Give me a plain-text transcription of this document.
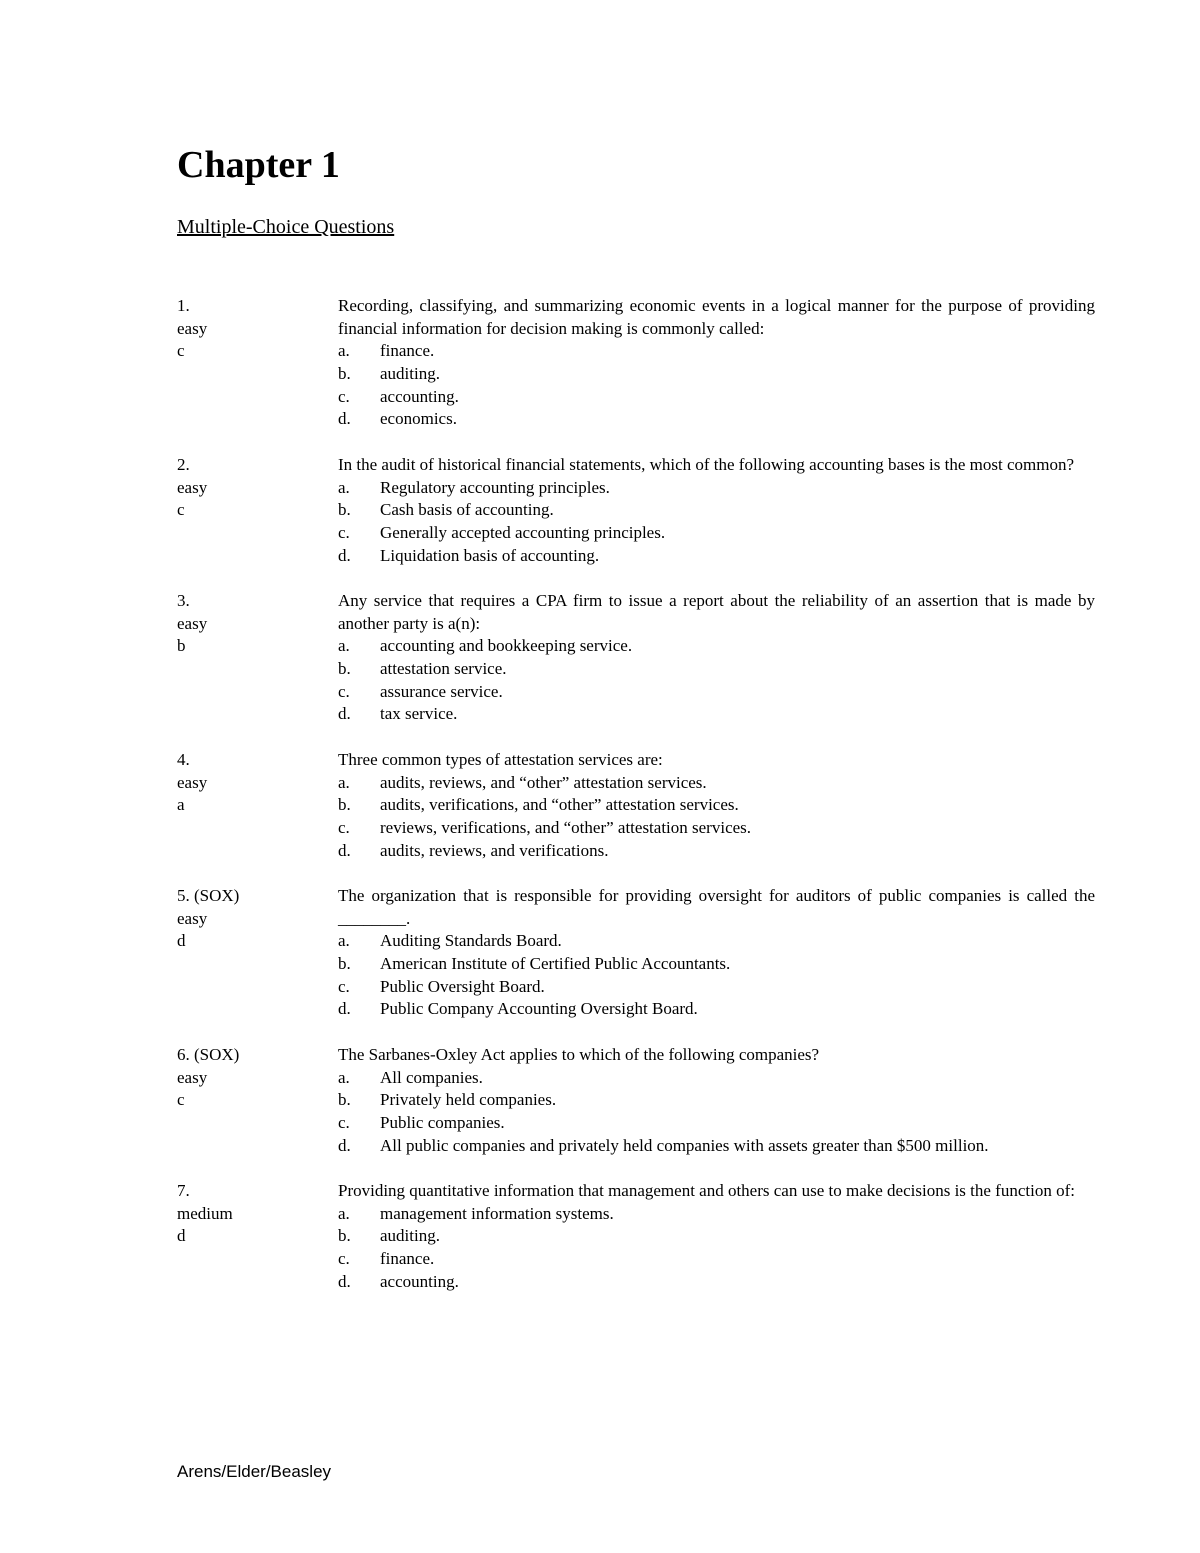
Chapter 1
Multiple-Choice Questions
1.
easy
c
Recording, classifying, and summarizing economic events in a logical manner for the purpose of providing financial information for decision making is commonly called:
a.	finance.
b.	auditing.
c.	accounting.
d.	economics.
2.
easy
c
In the audit of historical financial statements, which of the following accounting bases is the most common?
a.	Regulatory accounting principles.
b.	Cash basis of accounting.
c.	Generally accepted accounting principles.
d.	Liquidation basis of accounting.
3.
easy
b
Any service that requires a CPA firm to issue a report about the reliability of an assertion that is made by another party is a(n):
a.	accounting and bookkeeping service.
b.	attestation service.
c.	assurance service.
d.	tax service.
4.
easy
a
Three common types of attestation services are:
a.	audits, reviews, and “other” attestation services.
b.	audits, verifications, and “other” attestation services.
c.	reviews, verifications, and “other” attestation services.
d.	audits, reviews, and verifications.
5. (SOX)
easy
d
The organization that is responsible for providing oversight for auditors of public companies is called the ________.
a.	Auditing Standards Board.
b.	American Institute of Certified Public Accountants.
c.	Public Oversight Board.
d.	Public Company Accounting Oversight Board.
6. (SOX)
easy
c
The Sarbanes-Oxley Act applies to which of the following companies?
a.	All companies.
b.	Privately held companies.
c.	Public companies.
d.	All public companies and privately held companies with assets greater than $500 million.
7.
medium
d
Providing quantitative information that management and others can use to make decisions is the function of:
a.	management information systems.
b.	auditing.
c.	finance.
d.	accounting.
Arens/Elder/Beasley
